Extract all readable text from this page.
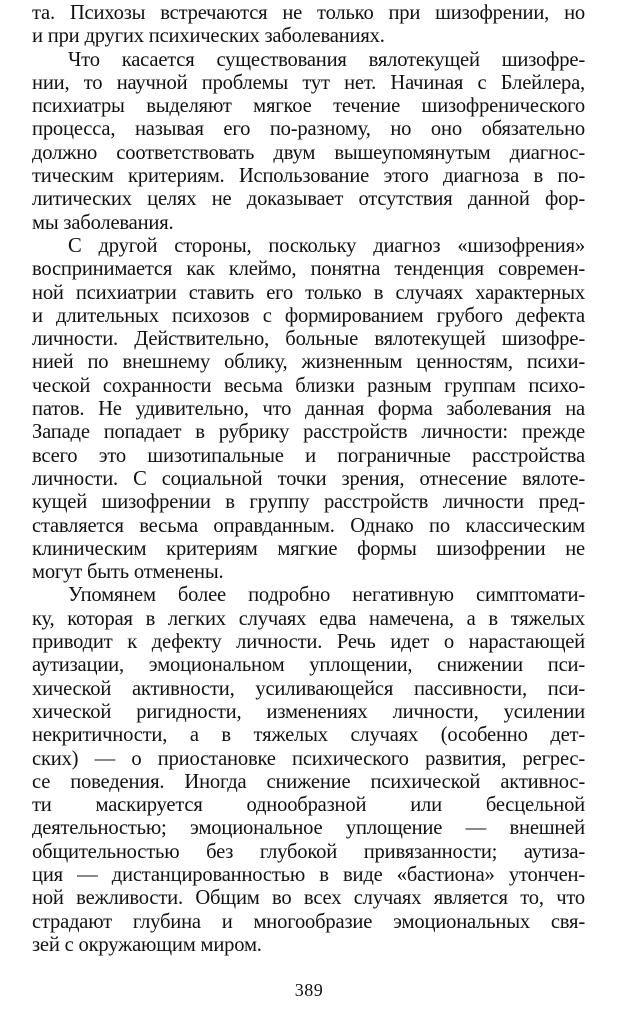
та. Психозы встречаются не только при шизофрении, но
и при других психических заболеваниях.
Что касается существования вялотекущей шизофре-
нии, то научной проблемы тут нет. Начиная с Блейлера,
психиатры выделяют мягкое течение шизофренического
процесса, называя его по-разному, но оно обязательно
должно соответствовать двум вышеупомянутым диагнос-
тическим критериям. Использование этого диагноза в по-
литических целях не доказывает отсутствия данной фор-
мы заболевания.
С другой стороны, поскольку диагноз «шизофрения»
воспринимается как клеймо, понятна тенденция современ-
ной психиатрии ставить его только в случаях характерных
и длительных психозов с формированием грубого дефекта
личности. Действительно, больные вялотекущей шизофре-
нией по внешнему облику, жизненным ценностям, психи-
ческой сохранности весьма близки разным группам психо-
патов. Не удивительно, что данная форма заболевания на
Западе попадает в рубрику расстройств личности: прежде
всего это шизотипальные и пограничные расстройства
личности. С социальной точки зрения, отнесение вялоте-
кущей шизофрении в группу расстройств личности пред-
ставляется весьма оправданным. Однако по классическим
клиническим критериям мягкие формы шизофрении не
могут быть отменены.
Упомянем более подробно негативную симптомати-
ку, которая в легких случаях едва намечена, а в тяжелых
приводит к дефекту личности. Речь идет о нарастающей
аутизации, эмоциональном уплощении, снижении пси-
хической активности, усиливающейся пассивности, пси-
хической ригидности, изменениях личности, усилении
некритичности, а в тяжелых случаях (особенно дет-
ских) — о приостановке психического развития, регрес-
се поведения. Иногда снижение психической активнос-
ти маскируется однообразной или бесцельной
деятельностью; эмоциональное уплощение — внешней
общительностью без глубокой привязанности; аутиза-
ция — дистанцированностью в виде «бастиона» утончен-
ной вежливости. Общим во всех случаях является то, что
страдают глубина и многообразие эмоциональных свя-
зей с окружающим миром.
389
